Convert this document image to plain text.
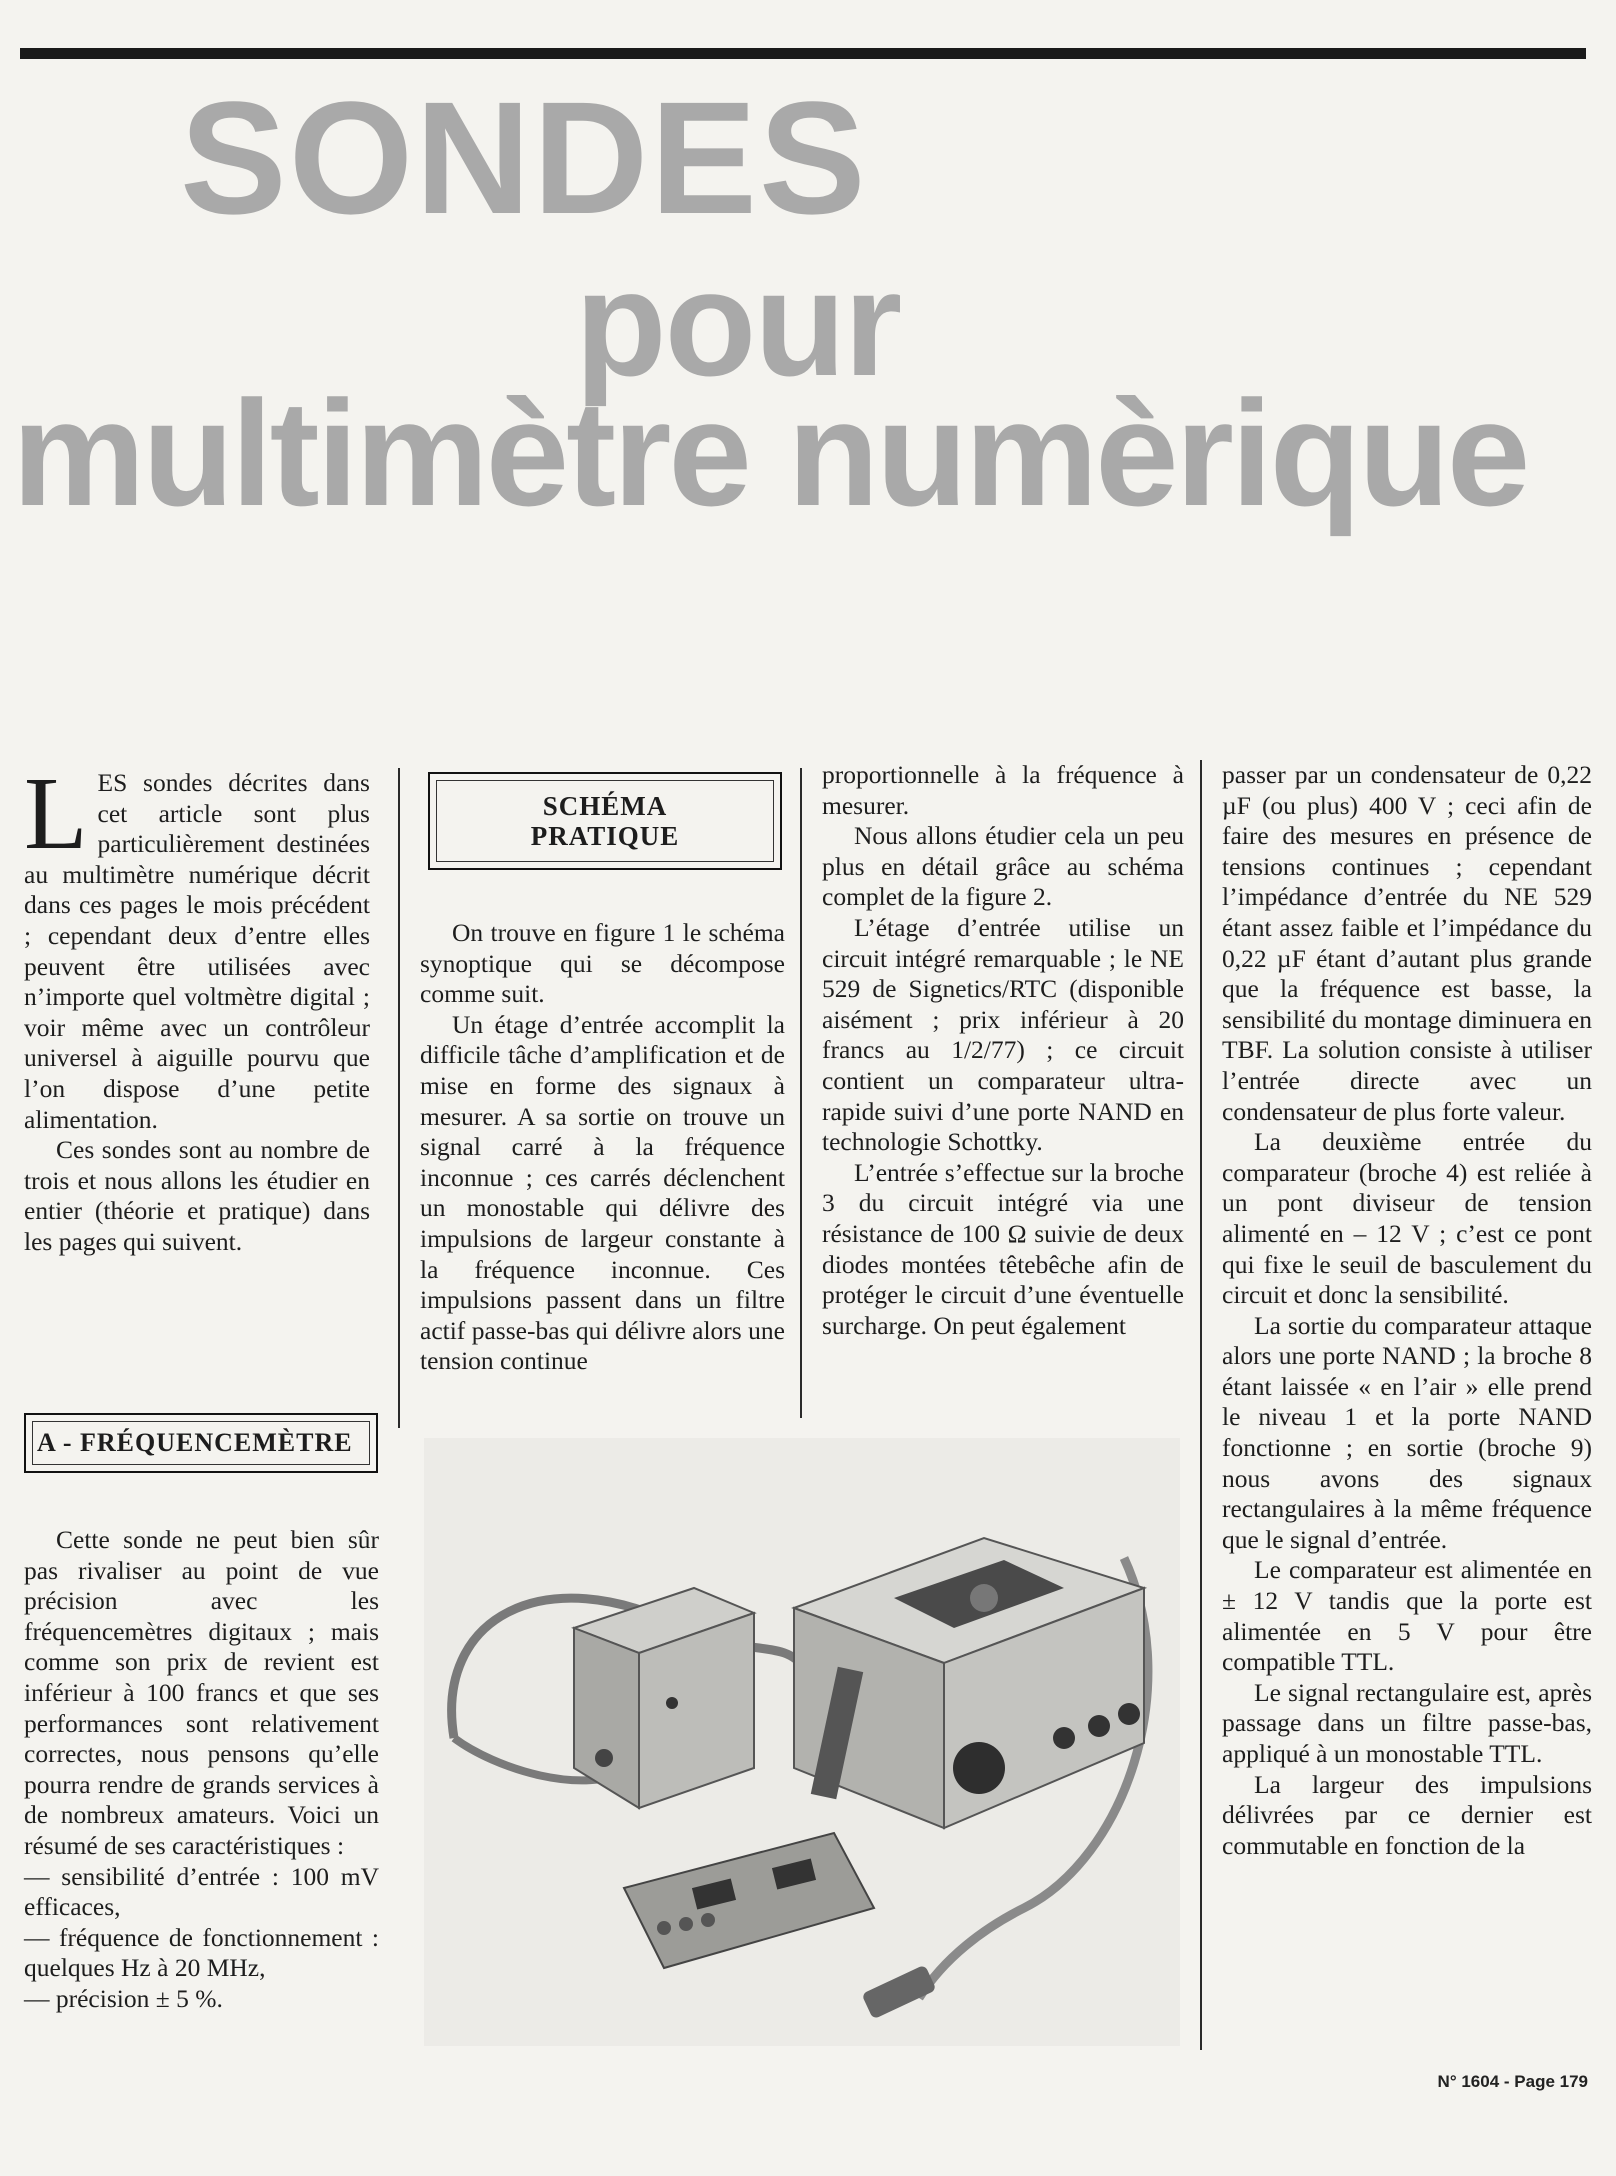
SONDES
pour
multimètre numèrique
L ES sondes décrites dans cet article sont plus particulièrement destinées au multimètre numérique décrit dans ces pages le mois précédent ; cependant deux d’entre elles peuvent être utilisées avec n’importe quel voltmètre digital ; voir même avec un contrôleur universel à aiguille pourvu que l’on dispose d’une petite alimentation.

Ces sondes sont au nombre de trois et nous allons les étudier en entier (théorie et pratique) dans les pages qui suivent.

A - FRÉQUENCEMÈTRE

Cette sonde ne peut bien sûr pas rivaliser au point de vue précision avec les fréquencemètres digitaux ; mais comme son prix de revient est inférieur à 100 francs et que ses performances sont relativement correctes, nous pensons qu’elle pourra rendre de grands services à de nombreux amateurs. Voici un résumé de ses caractéristiques :

— sensibilité d’entrée : 100 mV efficaces,

— fréquence de fonctionnement : quelques Hz à 20 MHz,

— précision ± 5 %.

SCHÉMA
PRATIQUE

On trouve en figure 1 le schéma synoptique qui se décompose comme suit.

Un étage d’entrée accomplit la difficile tâche d’amplification et de mise en forme des signaux à mesurer. A sa sortie on trouve un signal carré à la fréquence inconnue ; ces carrés déclenchent un monostable qui délivre des impulsions de largeur constante à la fréquence inconnue. Ces impulsions passent dans un filtre actif passe-bas qui délivre alors une tension continue

proportionnelle à la fréquence à mesurer.

Nous allons étudier cela un peu plus en détail grâce au schéma complet de la figure 2.

L’étage d’entrée utilise un circuit intégré remarquable ; le NE 529 de Signetics/RTC (disponible aisément ; prix inférieur à 20 francs au 1/2/77) ; ce circuit contient un comparateur ultra-rapide suivi d’une porte NAND en technologie Schottky.

L’entrée s’effectue sur la broche 3 du circuit intégré via une résistance de 100 Ω suivie de deux diodes montées têtebêche afin de protéger le circuit d’une éventuelle surcharge. On peut également

passer par un condensateur de 0,22 µF (ou plus) 400 V ; ceci afin de faire des mesures en présence de tensions continues ; cependant l’impédance d’entrée du NE 529 étant assez faible et l’impédance du 0,22 µF étant d’autant plus grande que la fréquence est basse, la sensibilité du montage diminuera en TBF. La solution consiste à utiliser l’entrée directe avec un condensateur de plus forte valeur.

La deuxième entrée du comparateur (broche 4) est reliée à un pont diviseur de tension alimenté en – 12 V ; c’est ce pont qui fixe le seuil de basculement du circuit et donc la sensibilité.

La sortie du comparateur attaque alors une porte NAND ; la broche 8 étant laissée « en l’air » elle prend le niveau 1 et la porte NAND fonctionne ; en sortie (broche 9) nous avons des signaux rectangulaires à la même fréquence que le signal d’entrée.

Le comparateur est alimentée en ± 12 V tandis que la porte est alimentée en 5 V pour être compatible TTL.

Le signal rectangulaire est, après passage dans un filtre passe-bas, appliqué à un monostable TTL.

La largeur des impulsions délivrées par ce dernier est commutable en fonction de la

N° 1604 - Page 179
